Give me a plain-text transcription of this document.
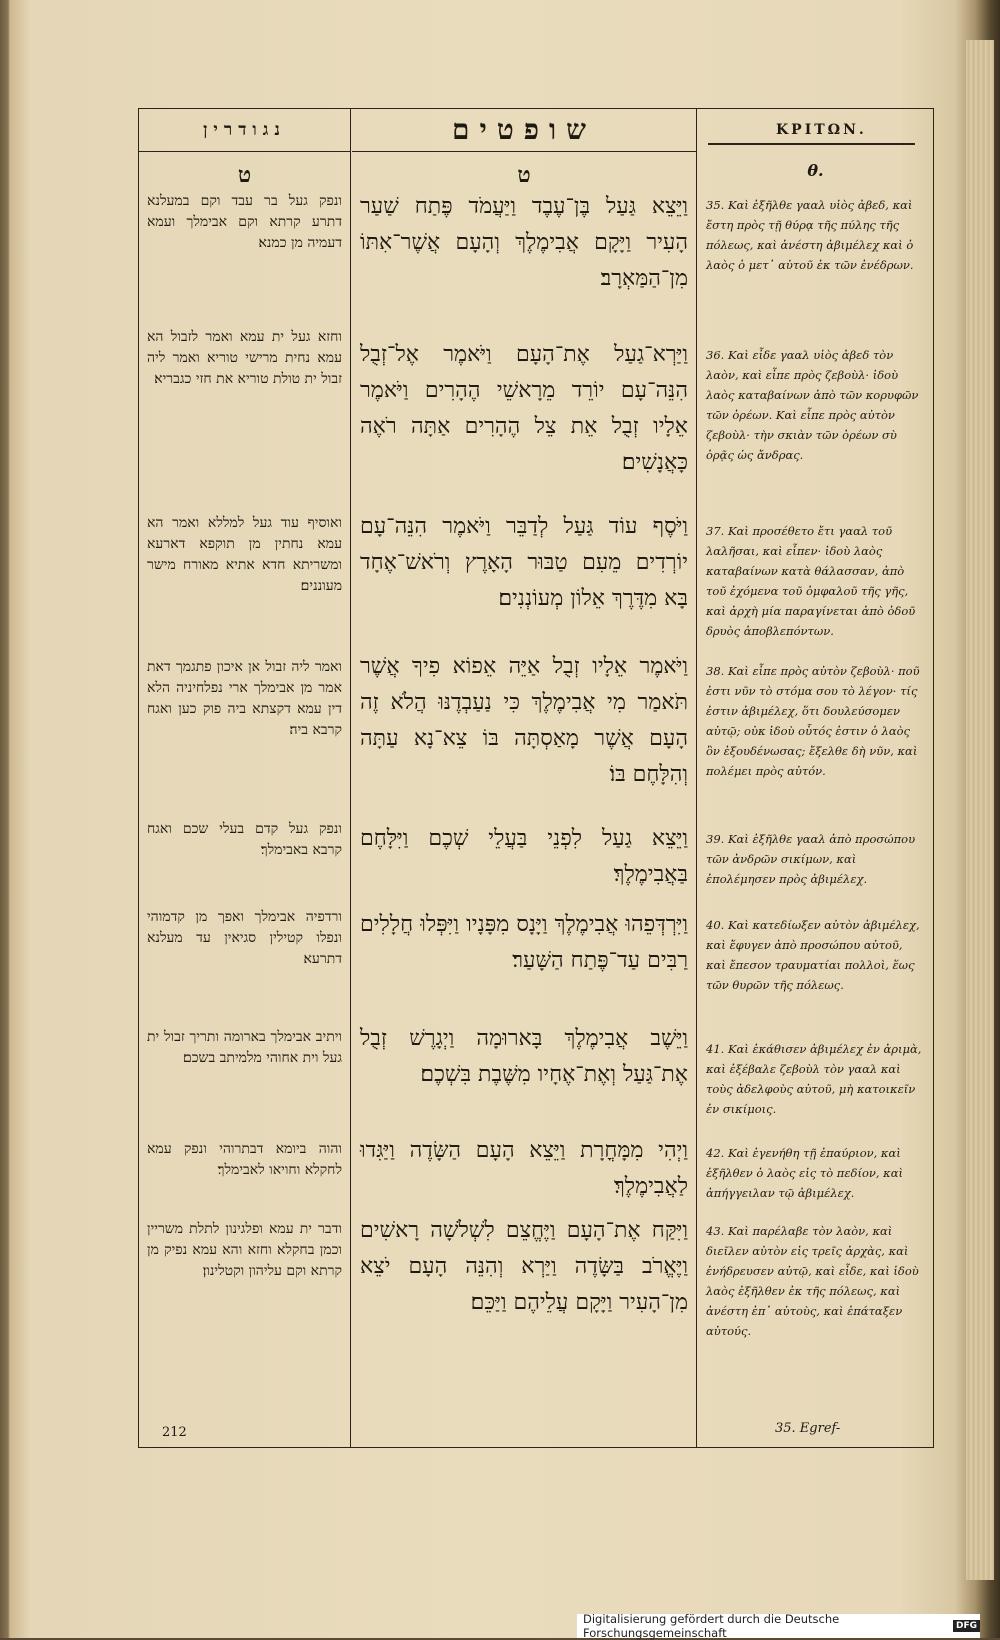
נגודרין
ט
ונפק געל בר עבד וקם במעלנא דתרע קרתא וקם אבימלך ועמא דעמיה מן כמנא׃
וחזא געל ית עמא ואמר לזבול הא עמא נחית מרישי טוריא ואמר ליה זבול ית טולת טוריא את חזי כגבריא׃
ואוסיף עוד געל למללא ואמר הא עמא נחתין מן תוקפא דארעא ומשריתא חדא אתיא מאורח מישר מעוננים׃
ואמר ליה זבול אן איכון פתגמך דאת אמר מן אבימלך ארי נפלחיניה הלא דין עמא דקצתא ביה פוק כען ואגח קרבא ביה׃
ונפק געל קדם בעלי שכם ואגח קרבא באבימלך׃
ורדפיה אבימלך ואפך מן קדמוהי ונפלו קטילין סגיאין עד מעלנא דתרעא׃
ויתיב אבימלך בארומה ותריך זבול ית געל וית אחוהי מלמיתב בשכם׃
והוה ביומא דבתרוהי ונפק עמא לחקלא וחויאו לאבימלך׃
ודבר ית עמא ופלגינון לתלת משריין וכמן בחקלא וחזא והא עמא נפיק מן קרתא וקם עליהון וקטלינון׃
שופטים
ט
וַיֵּצֵא גַּעַל בֶּן־עֶבֶד וַיַּעֲמֹד פֶּתַח שַׁעַר הָעִיר וַיָּקָם אֲבִימֶלֶךְ וְהָעָם אֲשֶׁר־אִתּוֹ מִן־הַמַּאְרָב׃
וַיַּרְא־גַעַל אֶת־הָעָם וַיֹּאמֶר אֶל־זְבֻל הִנֵּה־עָם יוֹרֵד מֵרָאשֵׁי הֶהָרִים וַיֹּאמֶר אֵלָיו זְבֻל אֵת צֵל הֶהָרִים אַתָּה רֹאֶה כָּאֲנָשִׁים׃
וַיֹּסֶף עוֹד גַּעַל לְדַבֵּר וַיֹּאמֶר הִנֵּה־עָם יוֹרְדִים מֵעִם טַבּוּר הָאָרֶץ וְרֹאשׁ־אֶחָד בָּא מִדֶּרֶךְ אֵלוֹן מְעוֹנְנִים׃
וַיֹּאמֶר אֵלָיו זְבֻל אַיֵּה אֵפוֹא פִיךָ אֲשֶׁר תֹּאמַר מִי אֲבִימֶלֶךְ כִּי נַעַבְדֶנּוּ הֲלֹא זֶה הָעָם אֲשֶׁר מָאַסְתָּה בּוֹ צֵא־נָא עַתָּה וְהִלָּחֶם בּוֹ׃
וַיֵּצֵא גַעַל לִפְנֵי בַּעֲלֵי שְׁכֶם וַיִּלָּחֶם בַּאֲבִימֶלֶךְ׃
וַיִּרְדְּפֵהוּ אֲבִימֶלֶךְ וַיָּנָס מִפָּנָיו וַיִּפְּלוּ חֲלָלִים רַבִּים עַד־פֶּתַח הַשָּׁעַר׃
וַיֵּשֶׁב אֲבִימֶלֶךְ בָּארוּמָה וַיְגָרֶשׁ זְבֻל אֶת־גַּעַל וְאֶת־אֶחָיו מִשֶּׁבֶת בִּשְׁכֶם׃
וַיְהִי מִמָּחֳרָת וַיֵּצֵא הָעָם הַשָּׂדֶה וַיַּגִּדוּ לַאֲבִימֶלֶךְ׃
וַיִּקַּח אֶת־הָעָם וַיֶּחֱצֵם לִשְׁלֹשָׁה רָאשִׁים וַיֶּאֱרֹב בַּשָּׂדֶה וַיַּרְא וְהִנֵּה הָעָם יֹצֵא מִן־הָעִיר וַיָּקָם עֲלֵיהֶם וַיַּכֵּם׃
ΚΡΙΤΩΝ.
θ.
35. Καὶ ἐξῆλθε γααλ υἱὸς ἀβεδ, καὶ ἔστη πρὸς τῇ θύρᾳ τῆς πύλης τῆς πόλεως, καὶ ἀνέστη ἀβιμέλεχ καὶ ὁ λαὸς ὁ μετ᾽ αὐτοῦ ἐκ τῶν ἐνέδρων.
36. Καὶ εἶδε γααλ υἱὸς ἀβεδ τὸν λαὸν, καὶ εἶπε πρὸς ζεβοὺλ· ἰδοὺ λαὸς καταβαίνων ἀπὸ τῶν κορυφῶν τῶν ὀρέων. Καὶ εἶπε πρὸς αὐτὸν ζεβοὺλ· τὴν σκιὰν τῶν ὀρέων σὺ ὁρᾷς ὡς ἄνδρας.
37. Καὶ προσέθετο ἔτι γααλ τοῦ λαλῆσαι, καὶ εἶπεν· ἰδοὺ λαὸς καταβαίνων κατὰ θάλασσαν, ἀπὸ τοῦ ἐχόμενα τοῦ ὀμφαλοῦ τῆς γῆς, καὶ ἀρχὴ μία παραγίνεται ἀπὸ ὁδοῦ δρυὸς ἀποβλεπόντων.
38. Καὶ εἶπε πρὸς αὐτὸν ζεβοὺλ· ποῦ ἐστι νῦν τὸ στόμα σου τὸ λέγον· τίς ἐστιν ἀβιμέλεχ, ὅτι δουλεύσομεν αὐτῷ; οὐκ ἰδοὺ οὗτός ἐστιν ὁ λαὸς ὃν ἐξουδένωσας; ἔξελθε δὴ νῦν, καὶ πολέμει πρὸς αὐτόν.
39. Καὶ ἐξῆλθε γααλ ἀπὸ προσώπου τῶν ἀνδρῶν σικίμων, καὶ ἐπολέμησεν πρὸς ἀβιμέλεχ.
40. Καὶ κατεδίωξεν αὐτὸν ἀβιμέλεχ, καὶ ἔφυγεν ἀπὸ προσώπου αὐτοῦ, καὶ ἔπεσον τραυματίαι πολλοὶ, ἕως τῶν θυρῶν τῆς πόλεως.
41. Καὶ ἐκάθισεν ἀβιμέλεχ ἐν ἀριμὰ, καὶ ἐξέβαλε ζεβοὺλ τὸν γααλ καὶ τοὺς ἀδελφοὺς αὐτοῦ, μὴ κατοικεῖν ἐν σικίμοις.
42. Καὶ ἐγενήθη τῇ ἐπαύριον, καὶ ἐξῆλθεν ὁ λαὸς εἰς τὸ πεδίον, καὶ ἀπήγγειλαν τῷ ἀβιμέλεχ.
43. Καὶ παρέλαβε τὸν λαὸν, καὶ διεῖλεν αὐτὸν εἰς τρεῖς ἀρχὰς, καὶ ἐνήδρευσεν αὐτῷ, καὶ εἶδε, καὶ ἰδοὺ λαὸς ἐξῆλθεν ἐκ τῆς πόλεως, καὶ ἀνέστη ἐπ᾽ αὐτοὺς, καὶ ἐπάταξεν αὐτούς.
212	35. Egref-
Digitalisierung gefördert durch die Deutsche Forschungsgemeinschaft	DFG
